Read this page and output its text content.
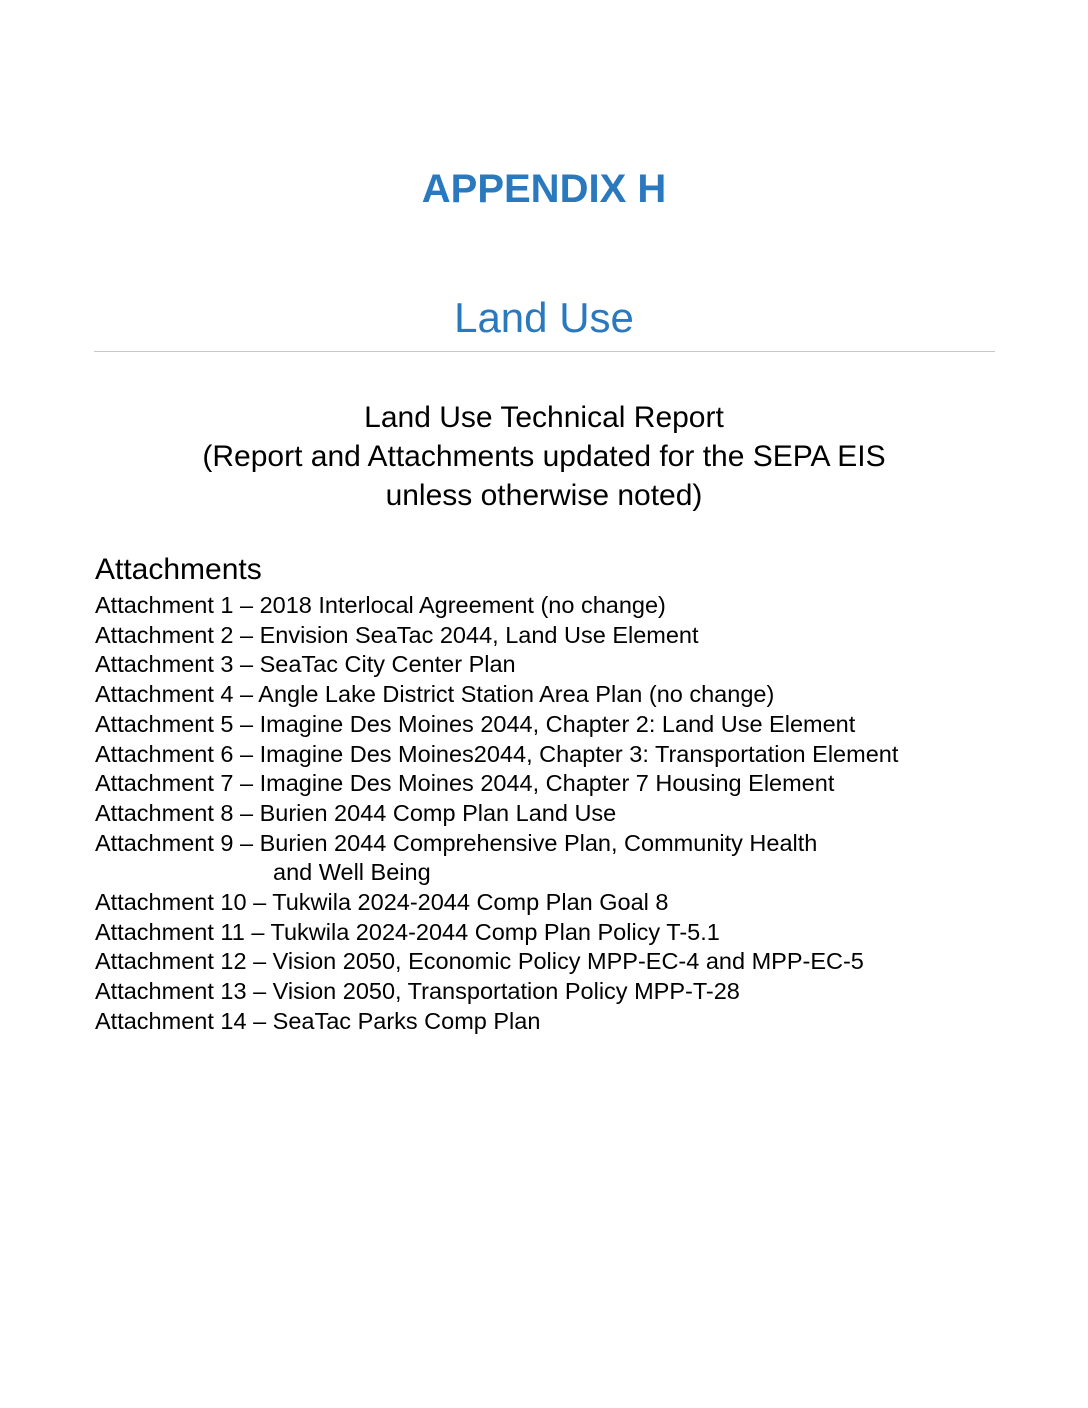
APPENDIX H
Land Use
Land Use Technical Report
(Report and Attachments updated for the SEPA EIS
unless otherwise noted)
Attachments
Attachment 1 – 2018 Interlocal Agreement (no change)
Attachment 2 – Envision SeaTac 2044, Land Use Element
Attachment 3 – SeaTac City Center Plan
Attachment 4 – Angle Lake District Station Area Plan (no change)
Attachment 5 – Imagine Des Moines 2044, Chapter 2: Land Use Element
Attachment 6 – Imagine Des Moines2044, Chapter 3: Transportation Element
Attachment 7 – Imagine Des Moines 2044, Chapter 7 Housing Element
Attachment 8 – Burien 2044 Comp Plan Land Use
Attachment 9 – Burien 2044 Comprehensive Plan, Community Health
and Well Being
Attachment 10 – Tukwila 2024-2044 Comp Plan Goal 8
Attachment 11 – Tukwila 2024-2044 Comp Plan Policy T-5.1
Attachment 12 – Vision 2050, Economic Policy MPP-EC-4 and MPP-EC-5
Attachment 13 – Vision 2050, Transportation Policy MPP-T-28
Attachment 14 – SeaTac Parks Comp Plan
